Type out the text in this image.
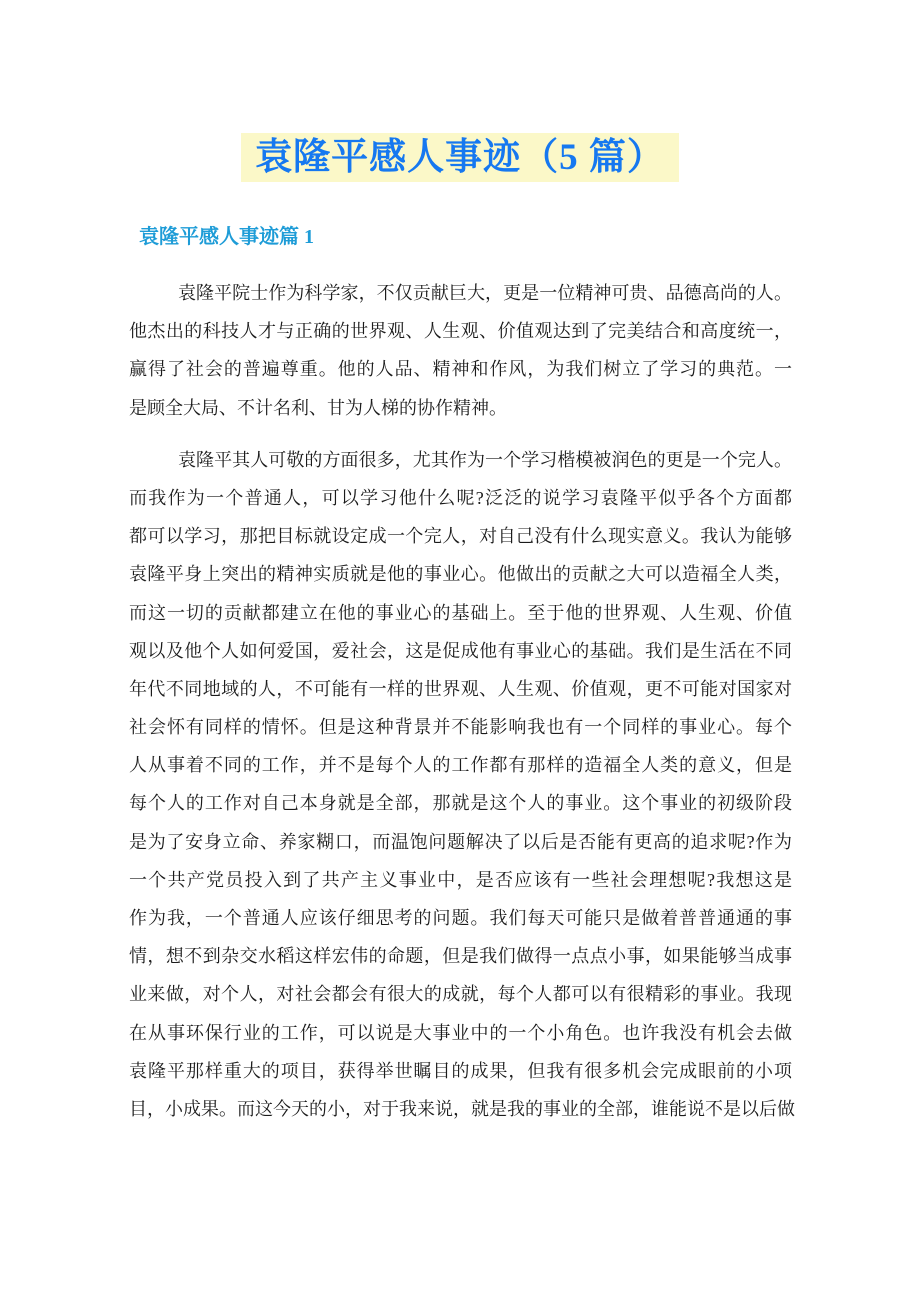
袁隆平感人事迹（5 篇）
袁隆平感人事迹篇 1
袁隆平院士作为科学家，不仅贡献巨大，更是一位精神可贵、品德高尚的人。
他杰出的科技人才与正确的世界观、人生观、价值观达到了完美结合和高度统一，
赢得了社会的普遍尊重。他的人品、精神和作风，为我们树立了学习的典范。一
是顾全大局、不计名利、甘为人梯的协作精神。
袁隆平其人可敬的方面很多，尤其作为一个学习楷模被润色的更是一个完人。
而我作为一个普通人，可以学习他什么呢?泛泛的说学习袁隆平似乎各个方面都
都可以学习，那把目标就设定成一个完人，对自己没有什么现实意义。我认为能够
袁隆平身上突出的精神实质就是他的事业心。他做出的贡献之大可以造福全人类，
而这一切的贡献都建立在他的事业心的基础上。至于他的世界观、人生观、价值
观以及他个人如何爱国，爱社会，这是促成他有事业心的基础。我们是生活在不同
年代不同地域的人，不可能有一样的世界观、人生观、价值观，更不可能对国家对
社会怀有同样的情怀。但是这种背景并不能影响我也有一个同样的事业心。每个
人从事着不同的工作，并不是每个人的工作都有那样的造福全人类的意义，但是
每个人的工作对自己本身就是全部，那就是这个人的事业。这个事业的初级阶段
是为了安身立命、养家糊口，而温饱问题解决了以后是否能有更高的追求呢?作为
一个共产党员投入到了共产主义事业中，是否应该有一些社会理想呢?我想这是
作为我，一个普通人应该仔细思考的问题。我们每天可能只是做着普普通通的事
情，想不到杂交水稻这样宏伟的命题，但是我们做得一点点小事，如果能够当成事
业来做，对个人，对社会都会有很大的成就，每个人都可以有很精彩的事业。我现
在从事环保行业的工作，可以说是大事业中的一个小角色。也许我没有机会去做
袁隆平那样重大的项目，获得举世瞩目的成果，但我有很多机会完成眼前的小项
目，小成果。而这今天的小，对于我来说，就是我的事业的全部，谁能说不是以后做
